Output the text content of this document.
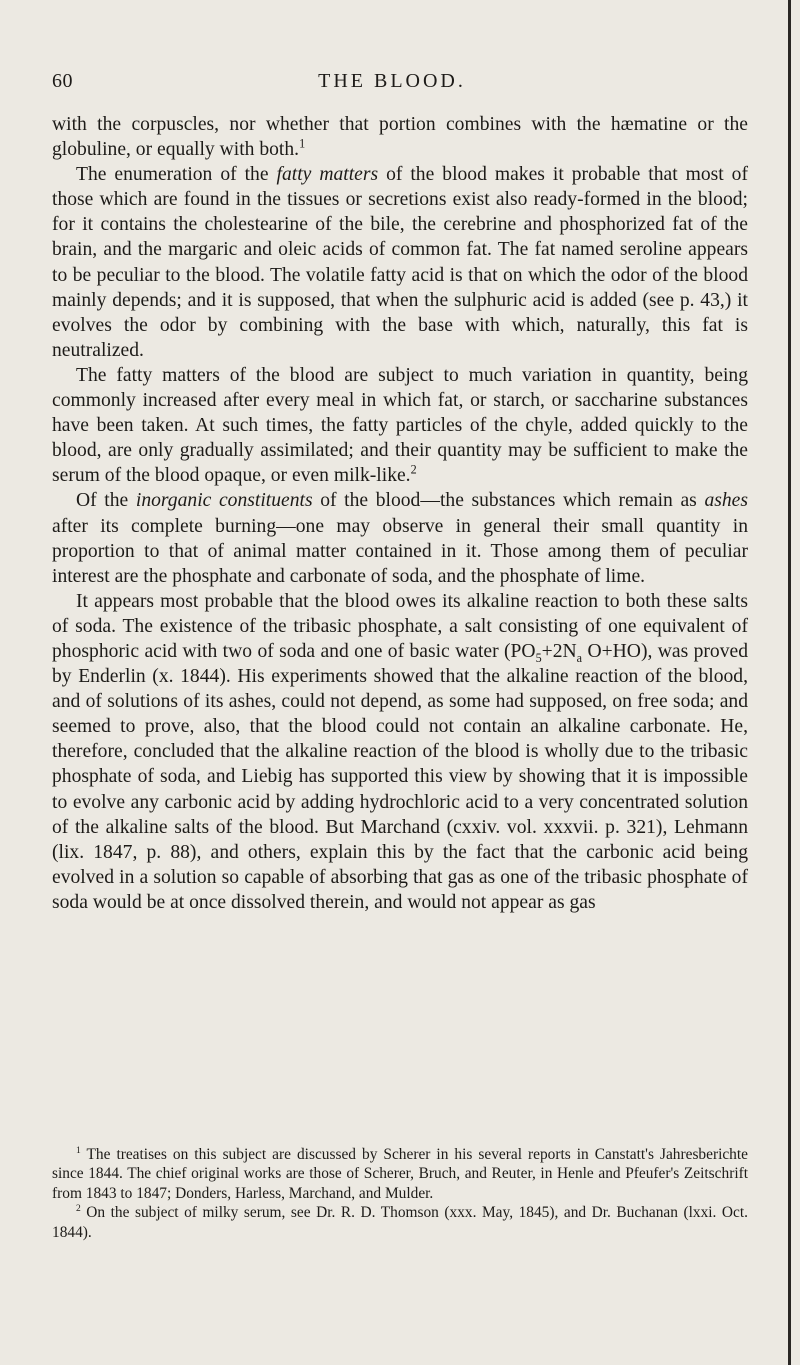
60	THE BLOOD.

with the corpuscles, nor whether that portion combines with the hæmatine or the globuline, or equally with both.$^1$

The enumeration of the fatty matters of the blood makes it probable that most of those which are found in the tissues or secretions exist also ready-formed in the blood; for it contains the cholestearine of the bile, the cerebrine and phosphorized fat of the brain, and the margaric and oleic acids of common fat. The fat named seroline appears to be peculiar to the blood. The volatile fatty acid is that on which the odor of the blood mainly depends; and it is supposed, that when the sulphuric acid is added (see p. 43,) it evolves the odor by combining with the base with which, naturally, this fat is neutralized.

The fatty matters of the blood are subject to much variation in quantity, being commonly increased after every meal in which fat, or starch, or saccharine substances have been taken. At such times, the fatty particles of the chyle, added quickly to the blood, are only gradually assimilated; and their quantity may be sufficient to make the serum of the blood opaque, or even milk-like.$^2$

Of the inorganic constituents of the blood—the substances which remain as ashes after its complete burning—one may observe in general their small quantity in proportion to that of animal matter contained in it. Those among them of peculiar interest are the phosphate and carbonate of soda, and the phosphate of lime.

It appears most probable that the blood owes its alkaline reaction to both these salts of soda. The existence of the tribasic phosphate, a salt consisting of one equivalent of phosphoric acid with two of soda and one of basic water ($PO_5+2N_a$ O+HO), was proved by Enderlin (x. 1844). His experiments showed that the alkaline reaction of the blood, and of solutions of its ashes, could not depend, as some had supposed, on free soda; and seemed to prove, also, that the blood could not contain an alkaline carbonate. He, therefore, concluded that the alkaline reaction of the blood is wholly due to the tribasic phosphate of soda, and Liebig has supported this view by showing that it is impossible to evolve any carbonic acid by adding hydrochloric acid to a very concentrated solution of the alkaline salts of the blood. But Marchand (cxxiv. vol. xxxvii. p. 321), Lehmann (lix. 1847, p. 88), and others, explain this by the fact that the carbonic acid being evolved in a solution so capable of absorbing that gas as one of the tribasic phosphate of soda would be at once dissolved therein, and would not appear as gas

$^1$ The treatises on this subject are discussed by Scherer in his several reports in Canstatt's Jahresberichte since 1844. The chief original works are those of Scherer, Bruch, and Reuter, in Henle and Pfeufer's Zeitschrift from 1843 to 1847; Donders, Harless, Marchand, and Mulder.

$^2$ On the subject of milky serum, see Dr. R. D. Thomson (xxx. May, 1845), and Dr. Buchanan (lxxi. Oct. 1844).
